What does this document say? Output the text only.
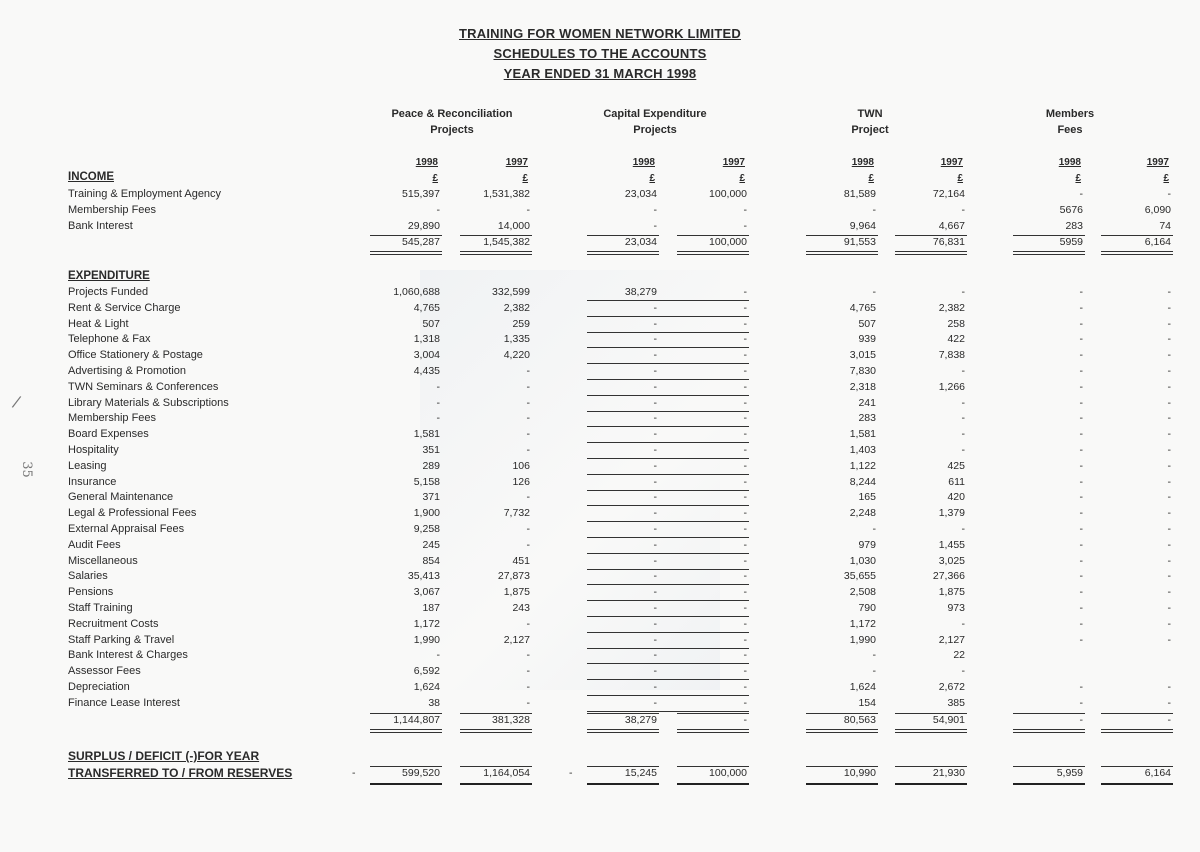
TRAINING FOR WOMEN NETWORK LIMITED
SCHEDULES TO THE ACCOUNTS
YEAR ENDED 31 MARCH 1998
Peace & Reconciliation
Projects
Capital Expenditure
Projects
TWN
Project
Members
Fees
1998
£
1997
£
1998
£
1997
£
1998
£
1997
£
1998
£
1997
£
INCOME
Training & Employment Agency	515,397	1,531,382	23,034	100,000	81,589	72,164	-	-
Membership Fees	-	-	-	-	-	-	5676	6,090
Bank Interest	29,890	14,000	-	-	9,964	4,667	283	74
545,287	1,545,382	23,034	100,000	91,553	76,831	5959	6,164
EXPENDITURE
Projects Funded	1,060,688	332,599	38,279	-	-	-	-	-
Rent & Service Charge	4,765	2,382	-	-	4,765	2,382	-	-
Heat & Light	507	259	-	-	507	258	-	-
Telephone & Fax	1,318	1,335	-	-	939	422	-	-
Office Stationery & Postage	3,004	4,220	-	-	3,015	7,838	-	-
Advertising & Promotion	4,435	-	-	-	7,830	-	-	-
TWN Seminars & Conferences	-	-	-	-	2,318	1,266	-	-
Library Materials & Subscriptions	-	-	-	-	241	-	-	-
Membership Fees	-	-	-	-	283	-	-	-
Board Expenses	1,581	-	-	-	1,581	-	-	-
Hospitality	351	-	-	-	1,403	-	-	-
Leasing	289	106	-	-	1,122	425	-	-
Insurance	5,158	126	-	-	8,244	611	-	-
General Maintenance	371	-	-	-	165	420	-	-
Legal & Professional Fees	1,900	7,732	-	-	2,248	1,379	-	-
External Appraisal Fees	9,258	-	-	-	-	-	-	-
Audit Fees	245	-	-	-	979	1,455	-	-
Miscellaneous	854	451	-	-	1,030	3,025	-	-
Salaries	35,413	27,873	-	-	35,655	27,366	-	-
Pensions	3,067	1,875	-	-	2,508	1,875	-	-
Staff Training	187	243	-	-	790	973	-	-
Recruitment Costs	1,172	-	-	-	1,172	-	-	-
Staff Parking & Travel	1,990	2,127	-	-	1,990	2,127	-	-
Bank Interest & Charges	-	-	-	-	-	22
Assessor Fees	6,592	-	-	-	-	-
Depreciation	1,624	-	-	-	1,624	2,672	-	-
Finance Lease Interest	38	-	-	-	154	385	-	-
1,144,807	381,328	38,279	-	80,563	54,901	-	-
SURPLUS / DEFICIT (-)FOR YEAR
TRANSFERRED TO / FROM RESERVES	599,520	1,164,054	15,245	100,000	10,990	21,930	5,959	6,164
-	-
/
35
